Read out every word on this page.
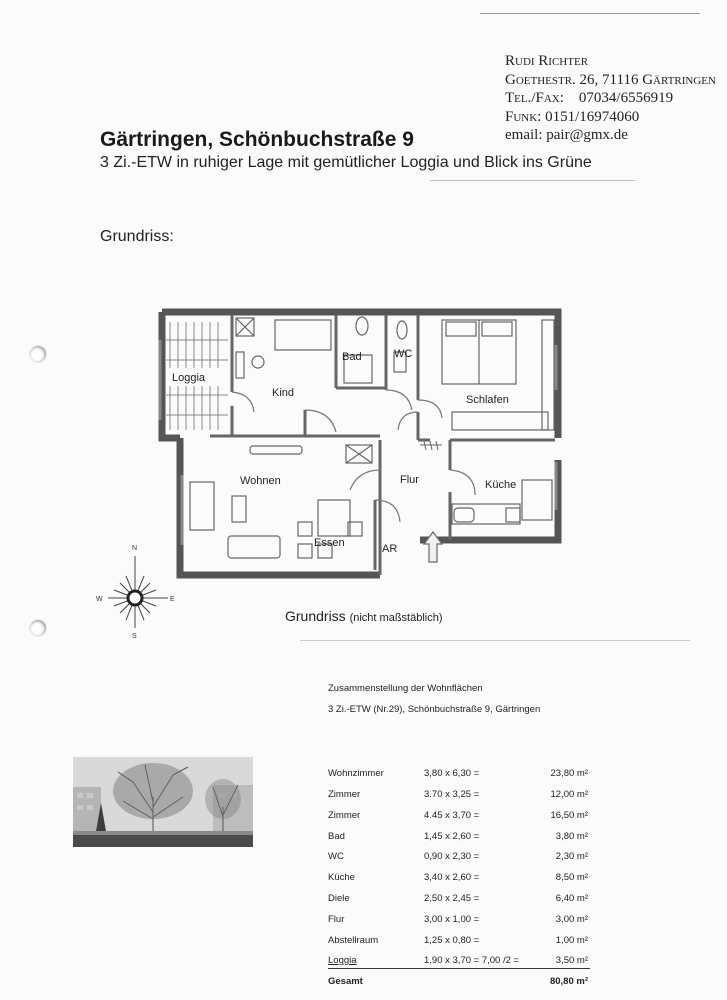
Rudi Richter
Goethestr. 26, 71116 Gärtringen
Tel./Fax: 07034/6556919
Funk: 0151/16974060
email: pair@gmx.de
Gärtringen, Schönbuchstraße 9
3 Zi.-ETW in ruhiger Lage mit gemütlicher Loggia und Blick ins Grüne
Grundriss:
Loggia
Kind
Bad	WC
Schlafen
Wohnen	Flur	Küche
Essen	AR
N
S
W	E
Grundriss (nicht maßstäblich)
Zusammenstellung der Wohnflächen
3 Zi.-ETW (Nr.29), Schönbuchstraße 9, Gärtringen
Wohnzimmer	3,80 x 6,30 =	23,80 m²
Zimmer	3.70 x 3,25 =	12,00 m²
Zimmer	4.45 x 3,70 =	16,50 m²
Bad	1,45 x 2,60 =	3,80 m²
WC	0,90 x 2,30 =	2,30 m²
Küche	3,40 x 2,60 =	8,50 m²
Diele	2,50 x 2,45 =	6,40 m²
Flur	3,00 x 1,00 =	3,00 m²
Abstellraum	1,25 x 0,80 =	1,00 m²
Loggia	1,90 x 3,70 = 7,00 /2 =	3,50 m²
Gesamt	80,80 m²
